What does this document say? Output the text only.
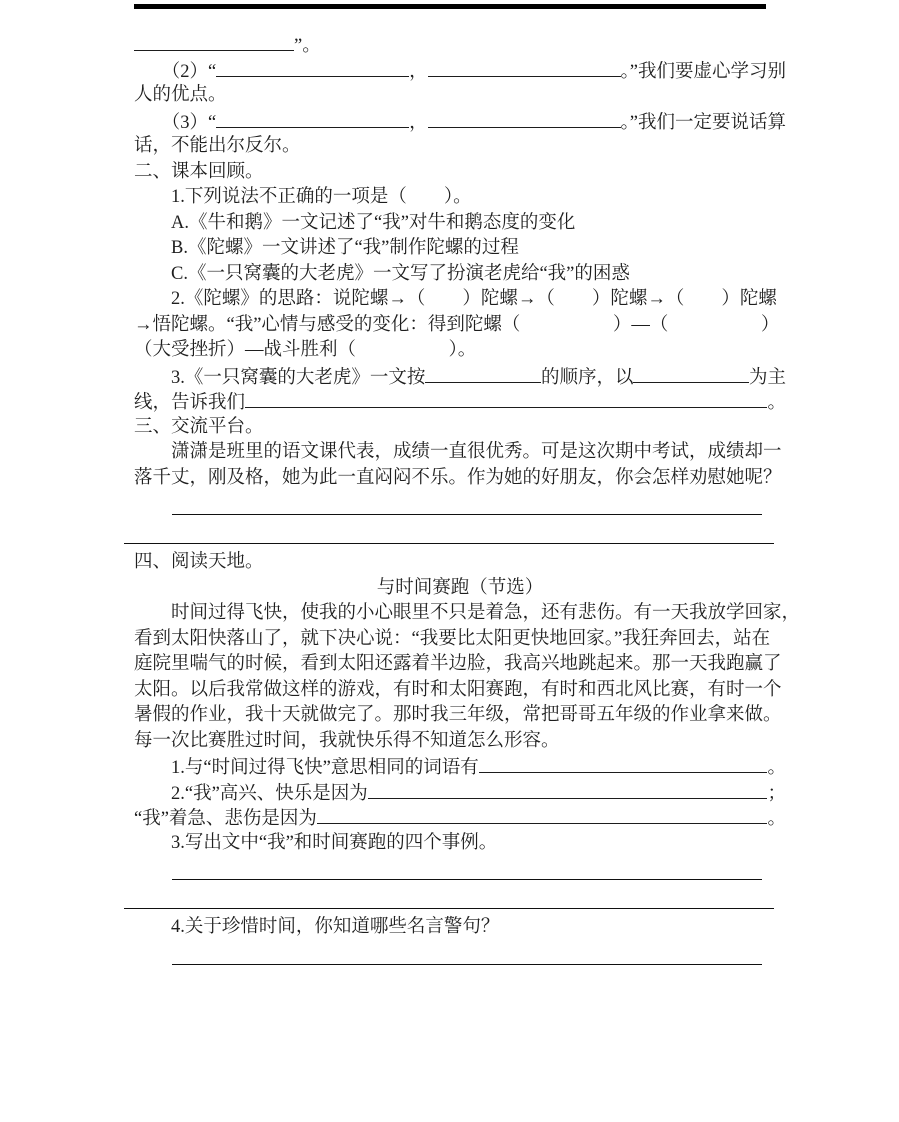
”。
　　（2）“	，	。”我们要虚心学习别
人的优点。
　　（3）“	，	。”我们一定要说话算
话，不能出尔反尔。
二、课本回顾。
　　1.下列说法不正确的一项是（　　）。
　　A.《牛和鹅》一文记述了“我”对牛和鹅态度的变化
　　B.《陀螺》一文讲述了“我”制作陀螺的过程
　　C.《一只窝囊的大老虎》一文写了扮演老虎给“我”的困惑
　　2.《陀螺》的思路：说陀螺→（　　）陀螺→（　　）陀螺→（　　）陀螺
→悟陀螺。“我”心情与感受的变化：得到陀螺（　　　　　）—（　　　　　）
（大受挫折）—战斗胜利（　　　　　）。
　　3.《一只窝囊的大老虎》一文按	的顺序，以	为主
线，告诉我们	。
三、交流平台。
　　潇潇是班里的语文课代表，成绩一直很优秀。可是这次期中考试，成绩却一
落千丈，刚及格，她为此一直闷闷不乐。作为她的好朋友，你会怎样劝慰她呢？
四、阅读天地。
与时间赛跑（节选）
　　时间过得飞快，使我的小心眼里不只是着急，还有悲伤。有一天我放学回家，
看到太阳快落山了，就下决心说：“我要比太阳更快地回家。”我狂奔回去，站在
庭院里喘气的时候，看到太阳还露着半边脸，我高兴地跳起来。那一天我跑赢了
太阳。以后我常做这样的游戏，有时和太阳赛跑，有时和西北风比赛，有时一个
暑假的作业，我十天就做完了。那时我三年级，常把哥哥五年级的作业拿来做。
每一次比赛胜过时间，我就快乐得不知道怎么形容。
　　1.与“时间过得飞快”意思相同的词语有	。
　　2.“我”高兴、快乐是因为	；
“我”着急、悲伤是因为	。
　　3.写出文中“我”和时间赛跑的四个事例。
　　4.关于珍惜时间，你知道哪些名言警句？
